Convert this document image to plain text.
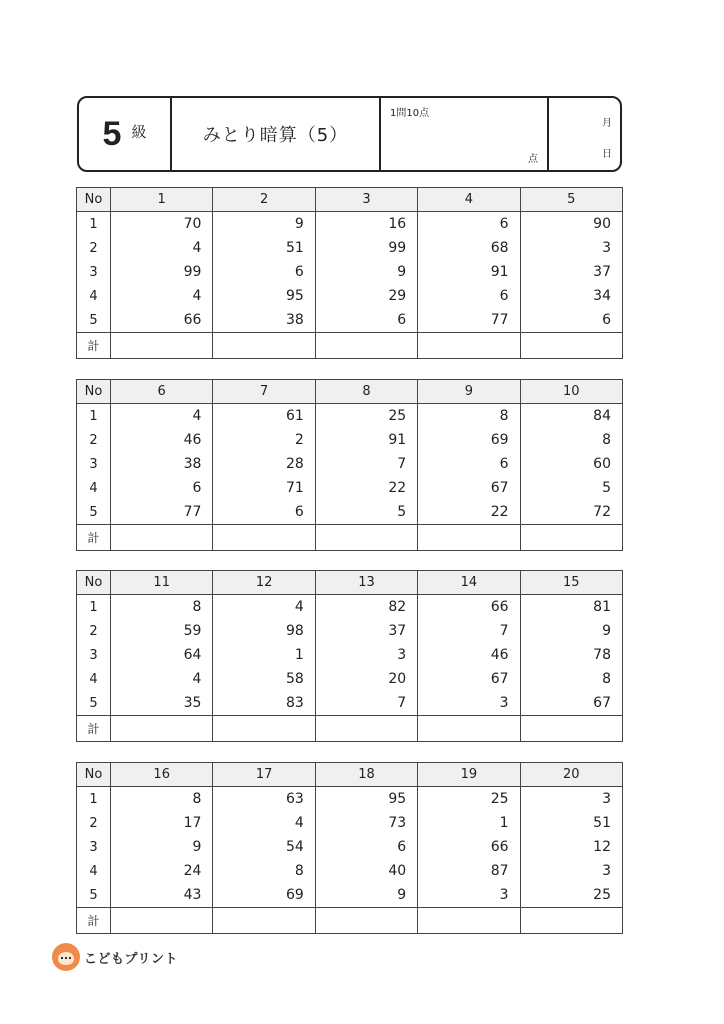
5 級	みとり暗算（5）
1問10点
点
月
日
No	1	2	3	4	5
1	70	9	16	6	90
2	4	51	99	68	3
3	99	6	9	91	37
4	4	95	29	6	34
5	66	38	6	77	6
計					
No	6	7	8	9	10
1	4	61	25	8	84
2	46	2	91	69	8
3	38	28	7	6	60
4	6	71	22	67	5
5	77	6	5	22	72
計					
No	11	12	13	14	15
1	8	4	82	66	81
2	59	98	37	7	9
3	64	1	3	46	78
4	4	58	20	67	8
5	35	83	7	3	67
計					
No	16	17	18	19	20
1	8	63	95	25	3
2	17	4	73	1	51
3	9	54	6	66	12
4	24	8	40	87	3
5	43	69	9	3	25
計					
こどもプリント
